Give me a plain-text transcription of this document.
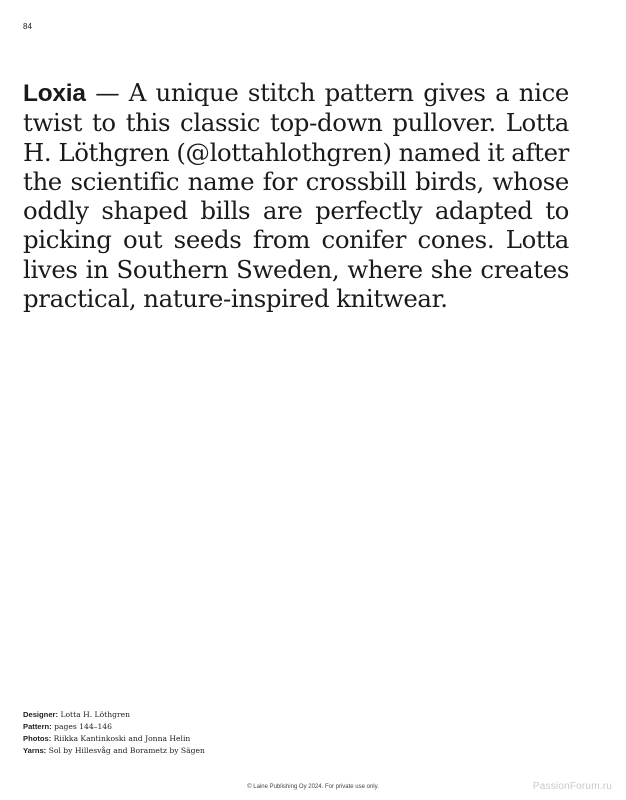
84

Loxia — A unique stitch pattern gives a nice twist to this classic top-down pullover. Lotta H. Löthgren (@lottahlothgren) named it after the scientific name for crossbill birds, whose oddly shaped bills are perfectly adapted to picking out seeds from conifer cones. Lotta lives in Southern Sweden, where she creates practical, nature-inspired knitwear.

Designer: Lotta H. Löthgren
Pattern: pages 144–146
Photos: Riikka Kantinkoski and Jonna Helin
Yarns: Sol by Hillesvåg and Borametz by Sägen
© Laine Publishing Oy 2024. For private use only.	PassionForum.ru
